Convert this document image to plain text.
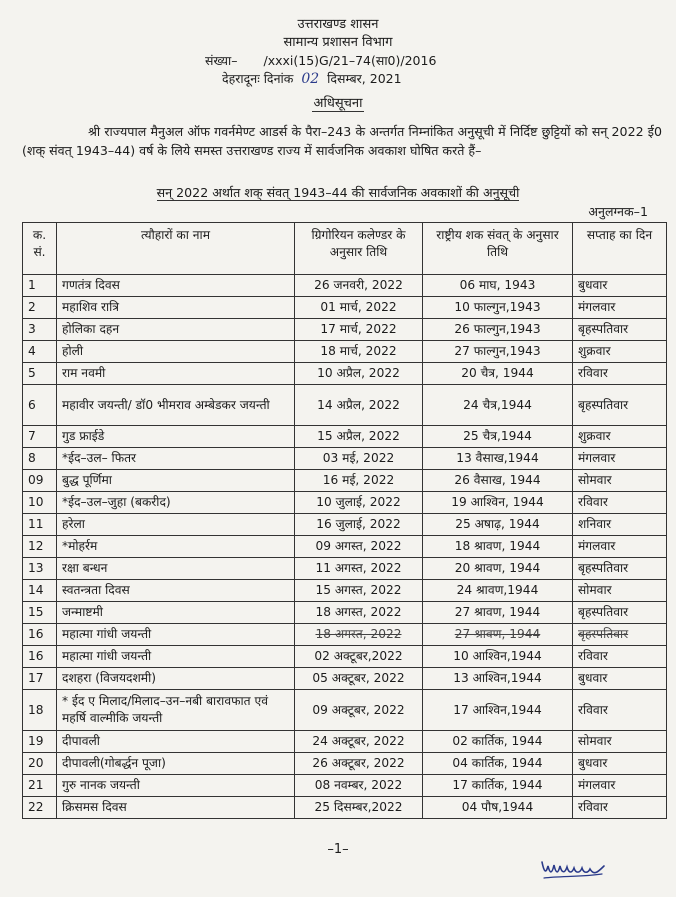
उत्तराखण्ड शासन
सामान्य प्रशासन विभाग
संख्या– /xxxi(15)G/21–74(सा0)/2016
देहरादूनः दिनांक 02 दिसम्बर, 2021
अधिसूचना
श्री राज्यपाल मैनुअल ऑफ गवर्नमेण्ट आडर्स के पैरा–243 के अन्तर्गत निम्नांकित अनुसूची में निर्दिष्ट छुट्टियों को सन् 2022 ई0 (शक् संवत् 1943–44) वर्ष के लिये समस्त उत्तराखण्ड राज्य में सार्वजनिक अवकाश घोषित करते हैं–
सन् 2022 अर्थात शक् संवत् 1943–44 की सार्वजनिक अवकाशों की अनुसूची
अनुलग्नक–1
क. सं.	त्यौहारों का नाम	ग्रिगोरियन कलेण्डर के अनुसार तिथि	राष्ट्रीय शक संवत् के अनुसार तिथि	सप्ताह का दिन
1	गणतंत्र दिवस	26 जनवरी, 2022	06 माघ, 1943	बुधवार
2	महाशिव रात्रि	01 मार्च, 2022	10 फाल्गुन,1943	मंगलवार
3	होलिका दहन	17 मार्च, 2022	26 फाल्गुन,1943	बृहस्पतिवार
4	होली	18 मार्च, 2022	27 फाल्गुन,1943	शुक्रवार
5	राम नवमी	10 अप्रैल, 2022	20 चैत्र, 1944	रविवार
6	महावीर जयन्ती/ डॉ0 भीमराव अम्बेडकर जयन्ती	14 अप्रैल, 2022	24 चैत्र,1944	बृहस्पतिवार
7	गुड फ्राईडे	15 अप्रैल, 2022	25 चैत्र,1944	शुक्रवार
8	*ईद–उल– फितर	03 मई, 2022	13 वैसाख,1944	मंगलवार
09	बुद्ध पूर्णिमा	16 मई, 2022	26 वैसाख, 1944	सोमवार
10	*ईद–उल–जुहा (बकरीद)	10 जुलाई, 2022	19 आश्विन, 1944	रविवार
11	हरेला	16 जुलाई, 2022	25 अषाढ़, 1944	शनिवार
12	*मोहर्रम	09 अगस्त, 2022	18 श्रावण, 1944	मंगलवार
13	रक्षा बन्धन	11 अगस्त, 2022	20 श्रावण, 1944	बृहस्पतिवार
14	स्वतन्त्रता दिवस	15 अगस्त, 2022	24 श्रावण,1944	सोमवार
15	जन्माष्टमी	18 अगस्त, 2022	27 श्रावण, 1944	बृहस्पतिवार
16	महात्मा गांधी जयन्ती	18 अगस्त, 2022	27 श्रावण, 1944	बृहस्पतिवार
16	महात्मा गांधी जयन्ती	02 अक्टूबर,2022	10 आश्विन,1944	रविवार
17	दशहरा (विजयदशमी)	05 अक्टूबर, 2022	13 आश्विन,1944	बुधवार
18	* ईद ए मिलाद/मिलाद–उन–नबी बारावफात एवं महर्षि वाल्मीकि जयन्ती	09 अक्टूबर, 2022	17 आश्विन,1944	रविवार
19	दीपावली	24 अक्टूबर, 2022	02 कार्तिक, 1944	सोमवार
20	दीपावली(गोबर्द्धन पूजा)	26 अक्टूबर, 2022	04 कार्तिक, 1944	बुधवार
21	गुरु नानक जयन्ती	08 नवम्बर, 2022	17 कार्तिक, 1944	मंगलवार
22	क्रिसमस दिवस	25 दिसम्बर,2022	04 पौष,1944	रविवार
–1–
